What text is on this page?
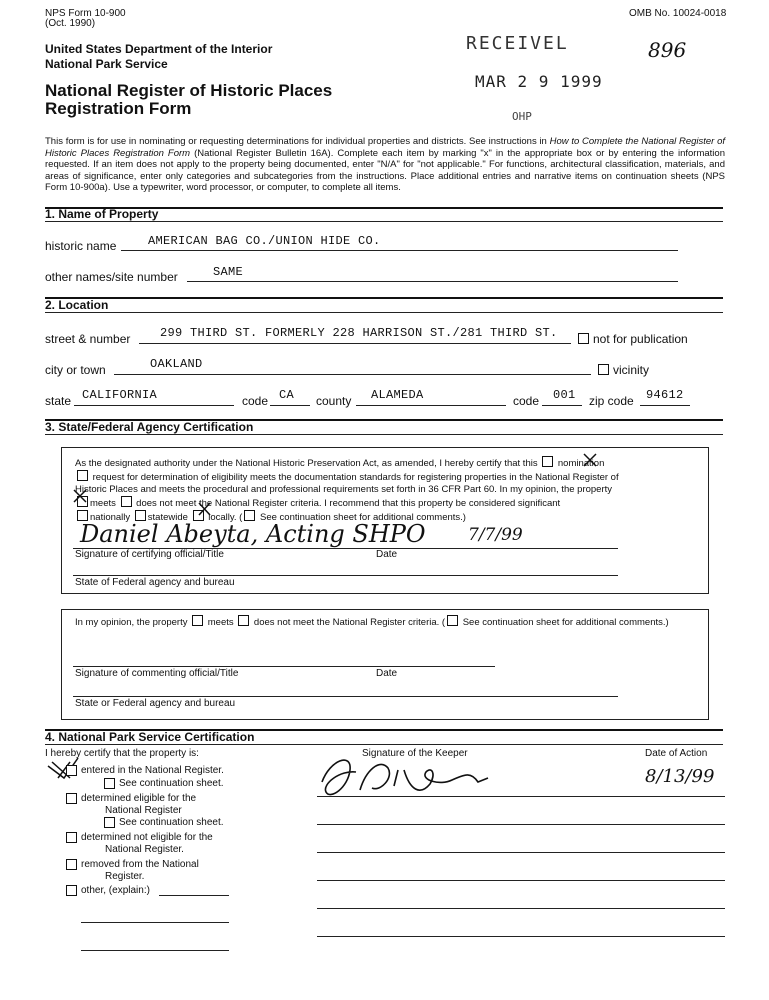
NPS Form 10-900
(Oct. 1990)
OMB No. 10024-0018
United States Department of the Interior
National Park Service
National Register of Historic Places
Registration Form
RECEIVEL
MAR 2 9 1999
OHP
896
This form is for use in nominating or requesting determinations for individual properties and districts. See instructions in How to Complete the National Register of Historic Places Registration Form (National Register Bulletin 16A). Complete each item by marking "x" in the appropriate box or by entering the information requested. If an item does not apply to the property being documented, enter "N/A" for "not applicable." For functions, architectural classification, materials, and areas of significance, enter only categories and subcategories from the instructions. Place additional entries and narrative items on continuation sheets (NPS Form 10-900a). Use a typewriter, word processor, or computer, to complete all items.
1. Name of Property
historic name	AMERICAN BAG CO./UNION HIDE CO.
other names/site number	SAME
2. Location
street & number 299 THIRD ST. FORMERLY 228 HARRISON ST./281 THIRD ST.	not for publication
city or town	OAKLAND	vicinity
state CALIFORNIA	code CA county ALAMEDA	code 001 zip code 94612
3. State/Federal Agency Certification
As the designated authority under the National Historic Preservation Act, as amended, I hereby certify that this nomination
request for determination of eligibility meets the documentation standards for registering properties in the National Register of
Historic Places and meets the procedural and professional requirements set forth in 36 CFR Part 60. In my opinion, the property
meets does not meet the National Register criteria. I recommend that this property be considered significant
nationally statewide locally. ( See continuation sheet for additional comments.)
Daniel Abeyta, Acting SHPO 7/7/99
Signature of certifying official/Title	Date
State of Federal agency and bureau
In my opinion, the property meets does not meet the National Register criteria. ( See continuation sheet for additional comments.)
Signature of commenting official/Title	Date
State or Federal agency and bureau
4. National Park Service Certification
I hereby certify that the property is:	Signature of the Keeper	Date of Action
entered in the National Register.
See continuation sheet.
determined eligible for the
National Register
See continuation sheet.
determined not eligible for the
National Register.
removed from the National
Register.
other, (explain:)
8/13/99
